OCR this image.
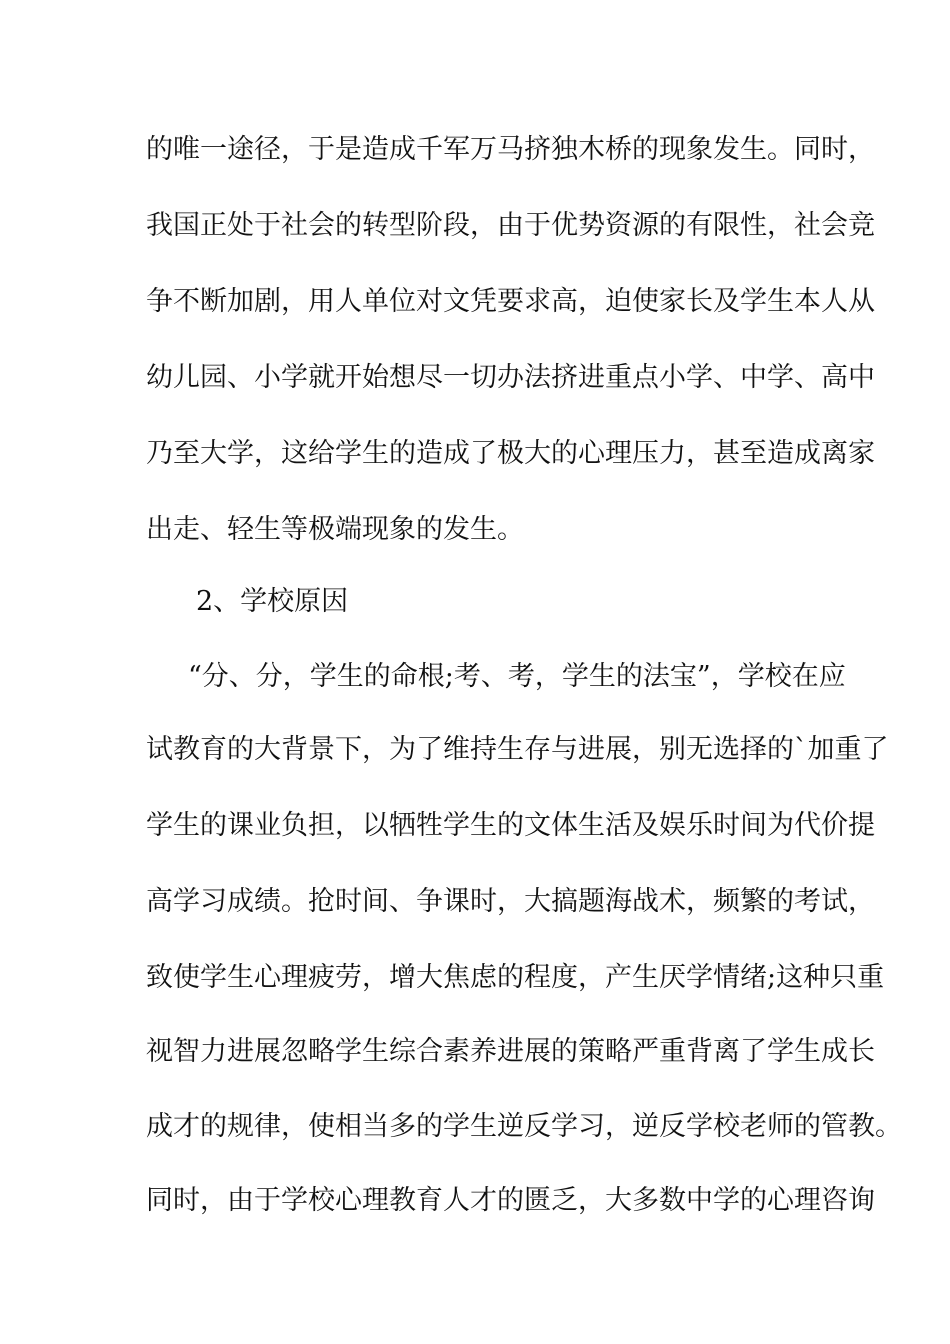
的唯一途径，于是造成千军万马挤独木桥的现象发生。同时，

我国正处于社会的转型阶段，由于优势资源的有限性，社会竞

争不断加剧，用人单位对文凭要求高，迫使家长及学生本人从

幼儿园、小学就开始想尽一切办法挤进重点小学、中学、高中

乃至大学，这给学生的造成了极大的心理压力，甚至造成离家

出走、轻生等极端现象的发生。

2、学校原因

“分、分，学生的命根;考、考，学生的法宝”，学校在应

试教育的大背景下，为了维持生存与进展，别无选择的`加重了

学生的课业负担，以牺牲学生的文体生活及娱乐时间为代价提

高学习成绩。抢时间、争课时，大搞题海战术，频繁的考试，

致使学生心理疲劳，增大焦虑的程度，产生厌学情绪;这种只重

视智力进展忽略学生综合素养进展的策略严重背离了学生成长

成才的规律，使相当多的学生逆反学习，逆反学校老师的管教。

同时，由于学校心理教育人才的匮乏，大多数中学的心理咨询
